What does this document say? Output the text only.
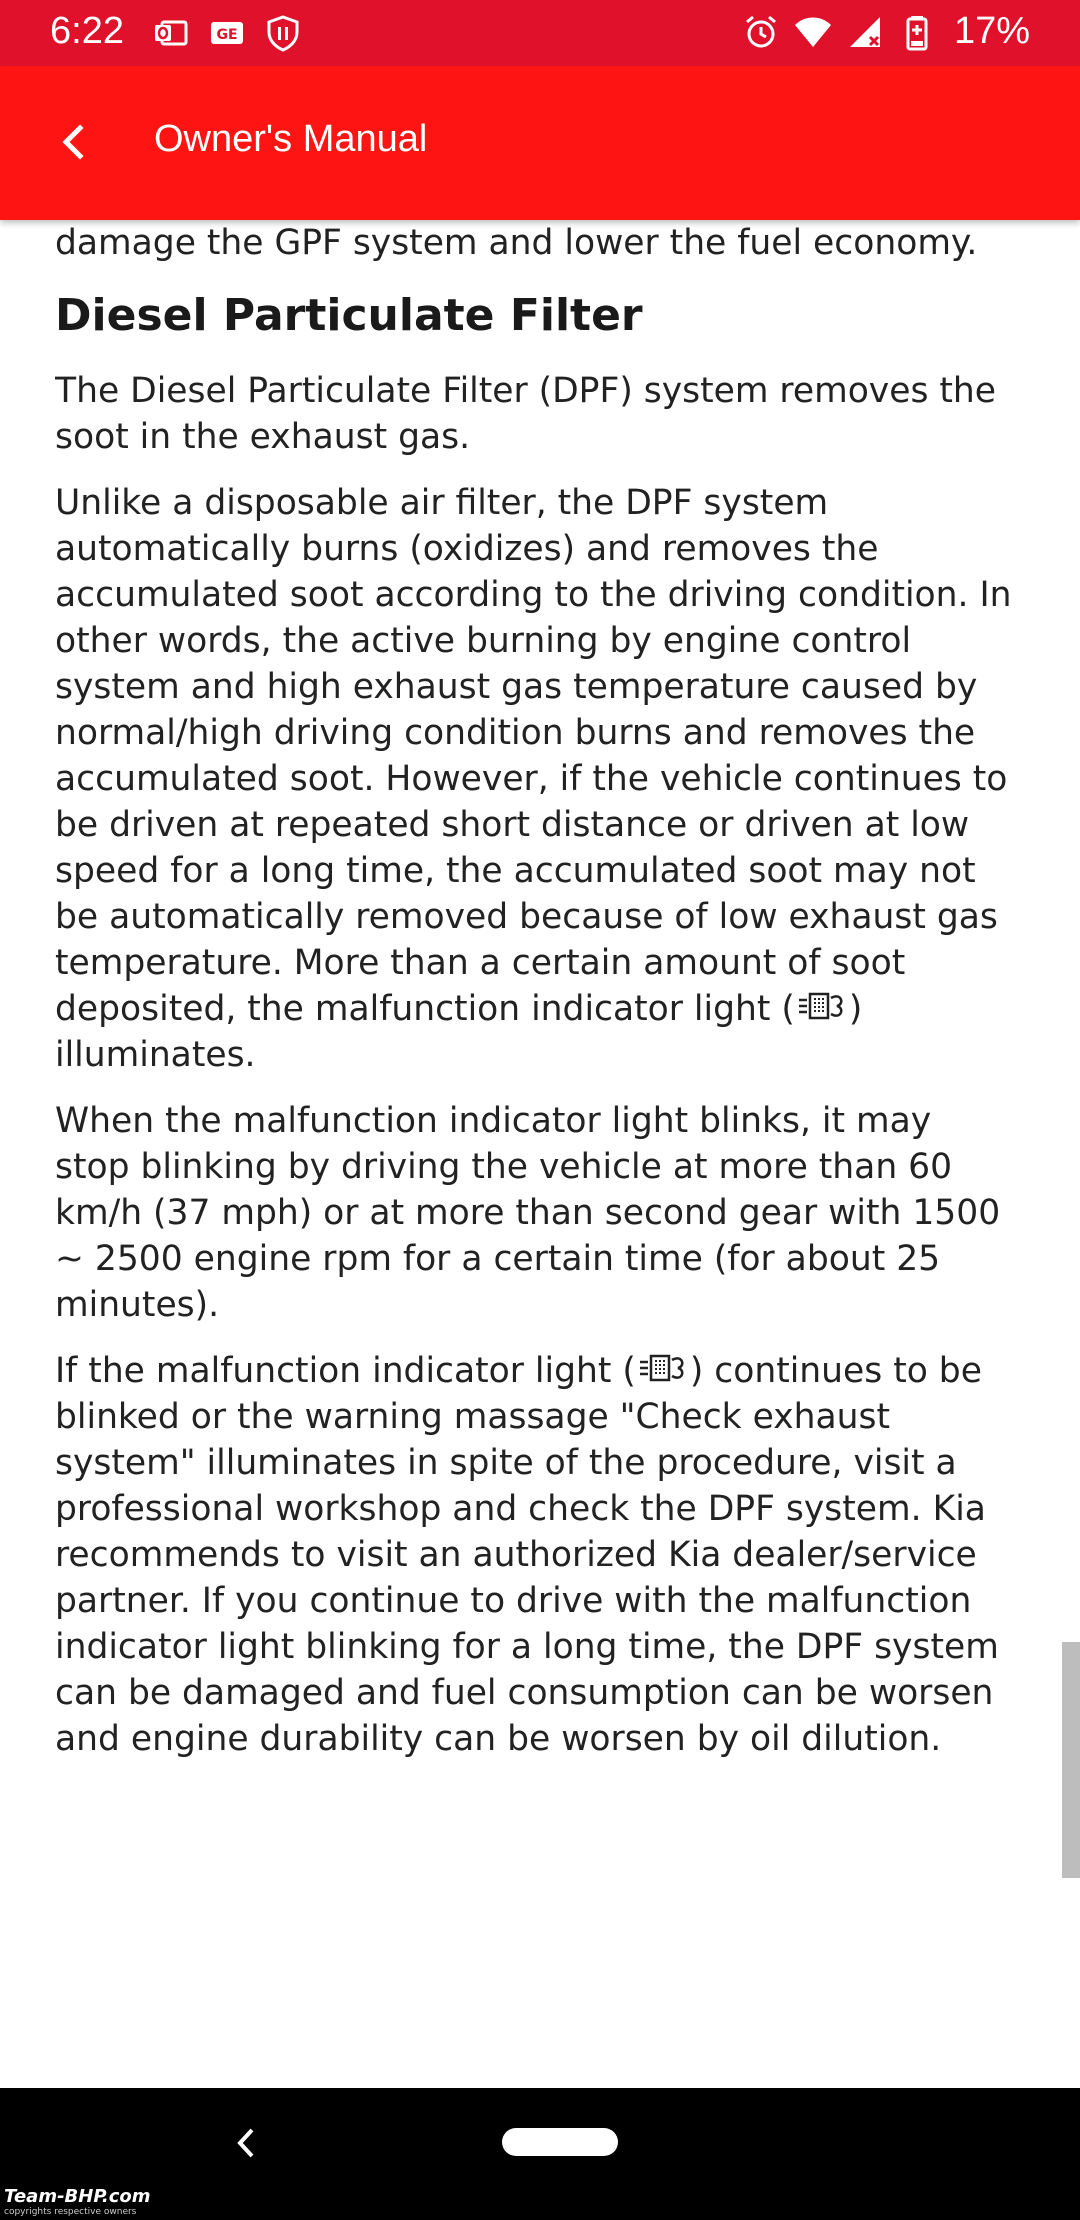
6:22	GE	17%
Owner's Manual

damage the GPF system and lower the fuel economy.

Diesel Particulate Filter

The Diesel Particulate Filter (DPF) system removes the soot in the exhaust gas.

Unlike a disposable air filter, the DPF system automatically burns (oxidizes) and removes the accumulated soot according to the driving condition. In other words, the active burning by engine control system and high exhaust gas temperature caused by normal/high driving condition burns and removes the accumulated soot. However, if the vehicle continues to be driven at repeated short distance or driven at low speed for a long time, the accumulated soot may not be automatically removed because of low exhaust gas temperature. More than a certain amount of soot deposited, the malfunction indicator light ( ) illuminates.

When the malfunction indicator light blinks, it may stop blinking by driving the vehicle at more than 60 km/h (37 mph) or at more than second gear with 1500 ~ 2500 engine rpm for a certain time (for about 25 minutes).

If the malfunction indicator light ( ) continues to be blinked or the warning massage "Check exhaust system" illuminates in spite of the procedure, visit a professional workshop and check the DPF system. Kia recommends to visit an authorized Kia dealer/service partner. If you continue to drive with the malfunction indicator light blinking for a long time, the DPF system can be damaged and fuel consumption can be worsen and engine durability can be worsen by oil dilution.

Team-BHP.com
copyrights respective owners
